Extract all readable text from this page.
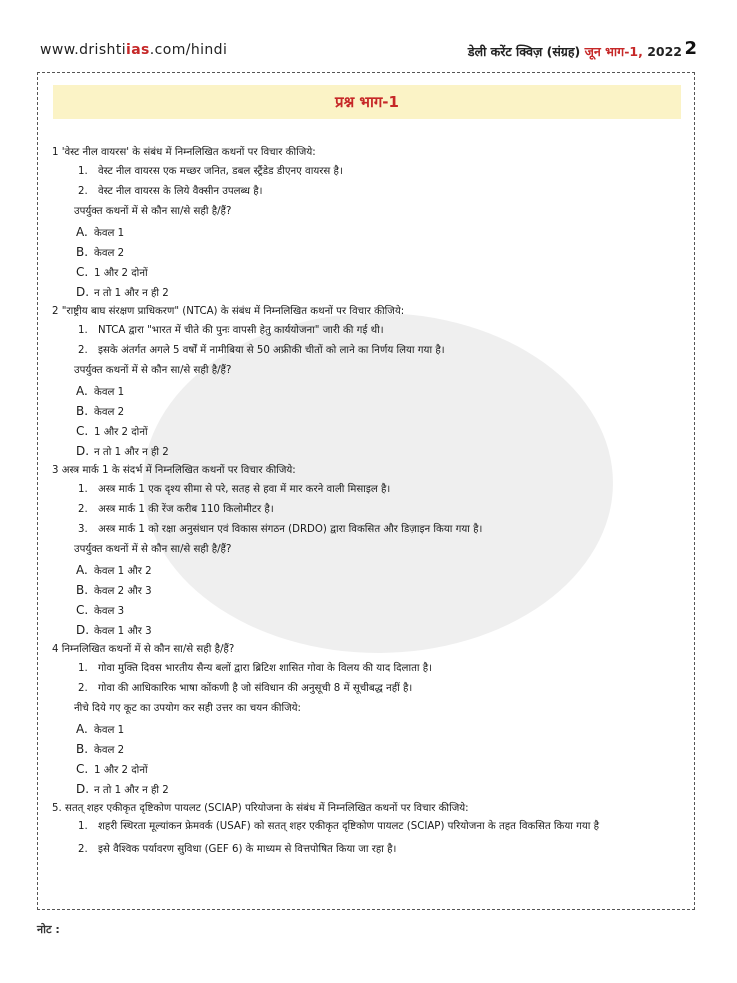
www.drishtiias.com/hindi	डेली करेंट क्विज़ (संग्रह) जून भाग-1, 2022 2
प्रश्न भाग-1
1 'वेस्ट नील वायरस' के संबंध में निम्नलिखित कथनों पर विचार कीजिये:
1. वेस्ट नील वायरस एक मच्छर जनित, डबल स्ट्रैंडेड डीएनए वायरस है।
2. वेस्ट नील वायरस के लिये वैक्सीन उपलब्ध है।
उपर्युक्त कथनों में से कौन सा/से सही है/हैं?
A. केवल 1
B. केवल 2
C. 1 और 2 दोनों
D. न तो 1 और न ही 2
2 "राष्ट्रीय बाघ संरक्षण प्राधिकरण" (NTCA) के संबंध में निम्नलिखित कथनों पर विचार कीजिये:
1. NTCA द्वारा "भारत में चीते की पुनः वापसी हेतु कार्ययोजना" जारी की गई थी।
2. इसके अंतर्गत अगले 5 वर्षों में नामीबिया से 50 अफ्रीकी चीतों को लाने का निर्णय लिया गया है।
उपर्युक्त कथनों में से कौन सा/से सही है/हैं?
A. केवल 1
B. केवल 2
C. 1 और 2 दोनों
D. न तो 1 और न ही 2
3 अस्त्र मार्क 1 के संदर्भ में निम्नलिखित कथनों पर विचार कीजिये:
1. अस्त्र मार्क 1 एक दृश्य सीमा से परे, सतह से हवा में मार करने वाली मिसाइल है।
2. अस्त्र मार्क 1 की रेंज करीब 110 किलोमीटर है।
3. अस्त्र मार्क 1 को रक्षा अनुसंधान एवं विकास संगठन (DRDO) द्वारा विकसित और डिज़ाइन किया गया है।
उपर्युक्त कथनों में से कौन सा/से सही है/हैं?
A. केवल 1 और 2
B. केवल 2 और 3
C. केवल 3
D. केवल 1 और 3
4 निम्नलिखित कथनों में से कौन सा/से सही है/हैं?
1. गोवा मुक्ति दिवस भारतीय सैन्य बलों द्वारा ब्रिटिश शासित गोवा के विलय की याद दिलाता है।
2. गोवा की आधिकारिक भाषा कोंकणी है जो संविधान की अनुसूची 8 में सूचीबद्ध नहीं है।
नीचे दिये गए कूट का उपयोग कर सही उत्तर का चयन कीजिये:
A. केवल 1
B. केवल 2
C. 1 और 2 दोनों
D. न तो 1 और न ही 2
5. सतत् शहर एकीकृत दृष्टिकोण पायलट (SCIAP) परियोजना के संबंध में निम्नलिखित कथनों पर विचार कीजिये:
1.	शहरी स्थिरता मूल्यांकन फ्रेमवर्क (USAF) को सतत् शहर एकीकृत दृष्टिकोण पायलट (SCIAP) परियोजना के तहत विकसित किया गया है
2. इसे वैश्विक पर्यावरण सुविधा (GEF 6) के माध्यम से वित्तपोषित किया जा रहा है।
नोट :
